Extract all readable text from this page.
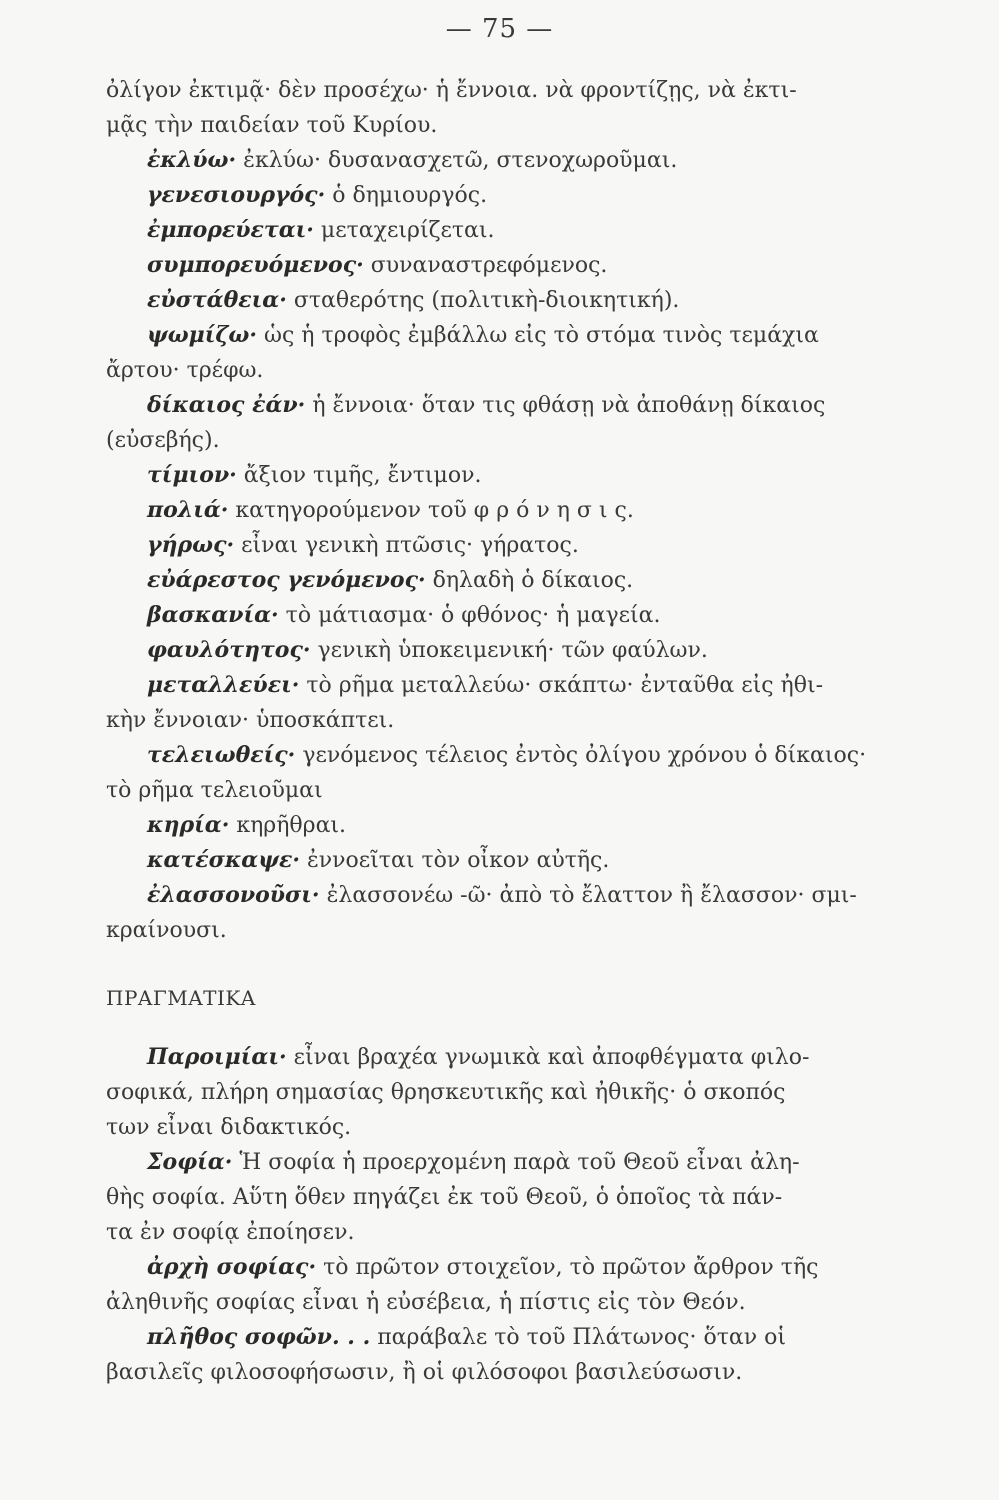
— 75 —
ὀλίγον ἐκτιμᾷ· δὲν προσέχω· ἡ ἔννοια. νὰ φροντίζῃς, νὰ ἐκτι-
μᾷς τὴν παιδείαν τοῦ Κυρίου.
ἐκλύω· ἐκλύω· δυσανασχετῶ, στενοχωροῦμαι.
γενεσιουργός· ὁ δημιουργός.
ἐμπορεύεται· μεταχειρίζεται.
συμπορευόμενος· συναναστρεφόμενος.
εὐστάθεια· σταθερότης (πολιτικὴ-διοικητική).
ψωμίζω· ὡς ἡ τροφὸς ἐμβάλλω εἰς τὸ στόμα τινὸς τεμάχια
ἄρτου· τρέφω.
δίκαιος ἐάν· ἡ ἔννοια· ὅταν τις φθάσῃ νὰ ἀποθάνῃ δίκαιος
(εὐσεβής).
τίμιον· ἄξιον τιμῆς, ἔντιμον.
πολιά· κατηγορούμενον τοῦ φ ρ ό ν η σ ι ς.
γήρως· εἶναι γενικὴ πτῶσις· γήρατος.
εὐάρεστος γενόμενος· δηλαδὴ ὁ δίκαιος.
βασκανία· τὸ μάτιασμα· ὁ φθόνος· ἡ μαγεία.
φαυλότητος· γενικὴ ὑποκειμενική· τῶν φαύλων.
μεταλλεύει· τὸ ρῆμα μεταλλεύω· σκάπτω· ἐνταῦθα εἰς ἠθι-
κὴν ἔννοιαν· ὑποσκάπτει.
τελειωθείς· γενόμενος τέλειος ἐντὸς ὀλίγου χρόνου ὁ δίκαιος·
τὸ ρῆμα τελειοῦμαι
κηρία· κηρῆθραι.
κατέσκαψε· ἐννοεῖται τὸν οἶκον αὐτῆς.
ἐλασσονοῦσι· ἐλασσονέω -ῶ· ἀπὸ τὸ ἔλαττον ἢ ἔλασσον· σμι-
κραίνουσι.
ΠΡΑΓΜΑΤΙΚΑ
Παροιμίαι· εἶναι βραχέα γνωμικὰ καὶ ἀποφθέγματα φιλο-
σοφικά, πλήρη σημασίας θρησκευτικῆς καὶ ἠθικῆς· ὁ σκοπός
των εἶναι διδακτικός.
Σοφία· Ἡ σοφία ἡ προερχομένη παρὰ τοῦ Θεοῦ εἶναι ἀλη-
θὴς σοφία. Αὕτη ὅθεν πηγάζει ἐκ τοῦ Θεοῦ, ὁ ὁποῖος τὰ πάν-
τα ἐν σοφίᾳ ἐποίησεν.
ἀρχὴ σοφίας· τὸ πρῶτον στοιχεῖον, τὸ πρῶτον ἄρθρον τῆς
ἀληθινῆς σοφίας εἶναι ἡ εὐσέβεια, ἡ πίστις εἰς τὸν Θεόν.
πλῆθος σοφῶν. . . παράβαλε τὸ τοῦ Πλάτωνος· ὅταν οἱ
βασιλεῖς φιλοσοφήσωσιν, ἢ οἱ φιλόσοφοι βασιλεύσωσιν.
